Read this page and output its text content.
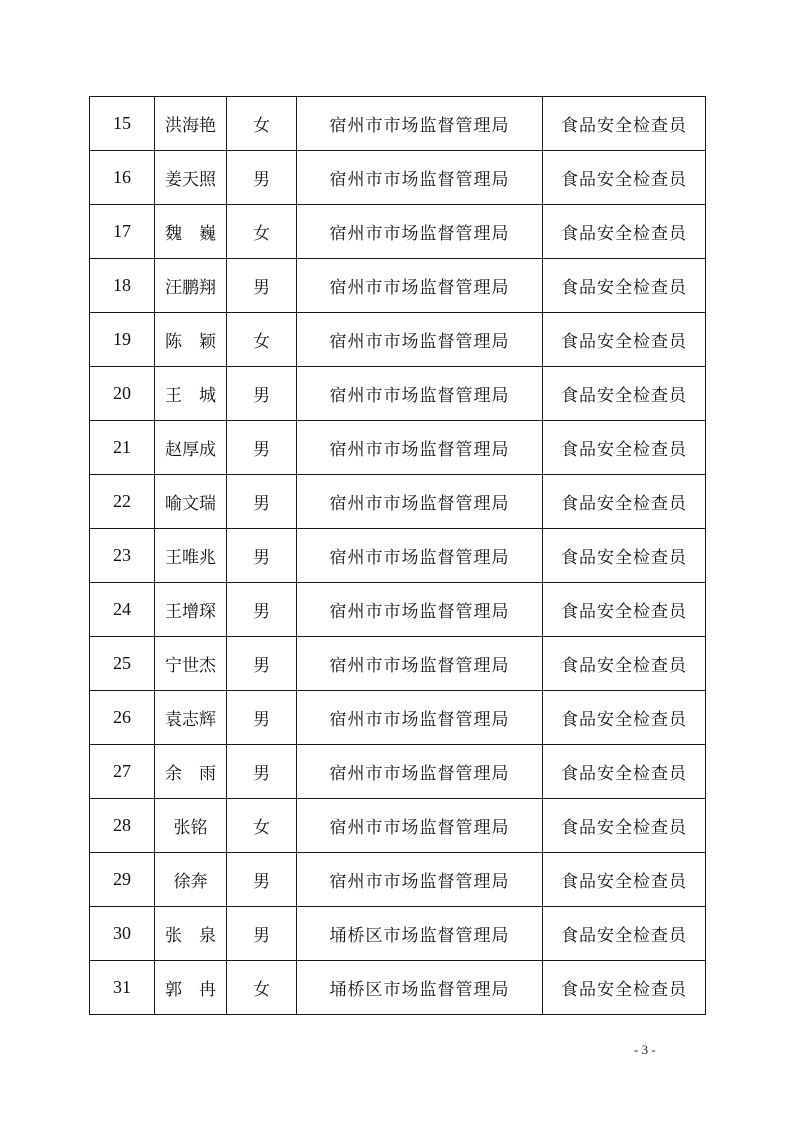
15	洪海艳	女	宿州市市场监督管理局	食品安全检查员
16	姜天照	男	宿州市市场监督管理局	食品安全检查员
17	魏　巍	女	宿州市市场监督管理局	食品安全检查员
18	汪鹏翔	男	宿州市市场监督管理局	食品安全检查员
19	陈　颖	女	宿州市市场监督管理局	食品安全检查员
20	王　城	男	宿州市市场监督管理局	食品安全检查员
21	赵厚成	男	宿州市市场监督管理局	食品安全检查员
22	喻文瑞	男	宿州市市场监督管理局	食品安全检查员
23	王唯兆	男	宿州市市场监督管理局	食品安全检查员
24	王增琛	男	宿州市市场监督管理局	食品安全检查员
25	宁世杰	男	宿州市市场监督管理局	食品安全检查员
26	袁志辉	男	宿州市市场监督管理局	食品安全检查员
27	余　雨	男	宿州市市场监督管理局	食品安全检查员
28	张铭	女	宿州市市场监督管理局	食品安全检查员
29	徐奔	男	宿州市市场监督管理局	食品安全检查员
30	张　泉	男	埇桥区市场监督管理局	食品安全检查员
31	郭　冉	女	埇桥区市场监督管理局	食品安全检查员
- 3 -
